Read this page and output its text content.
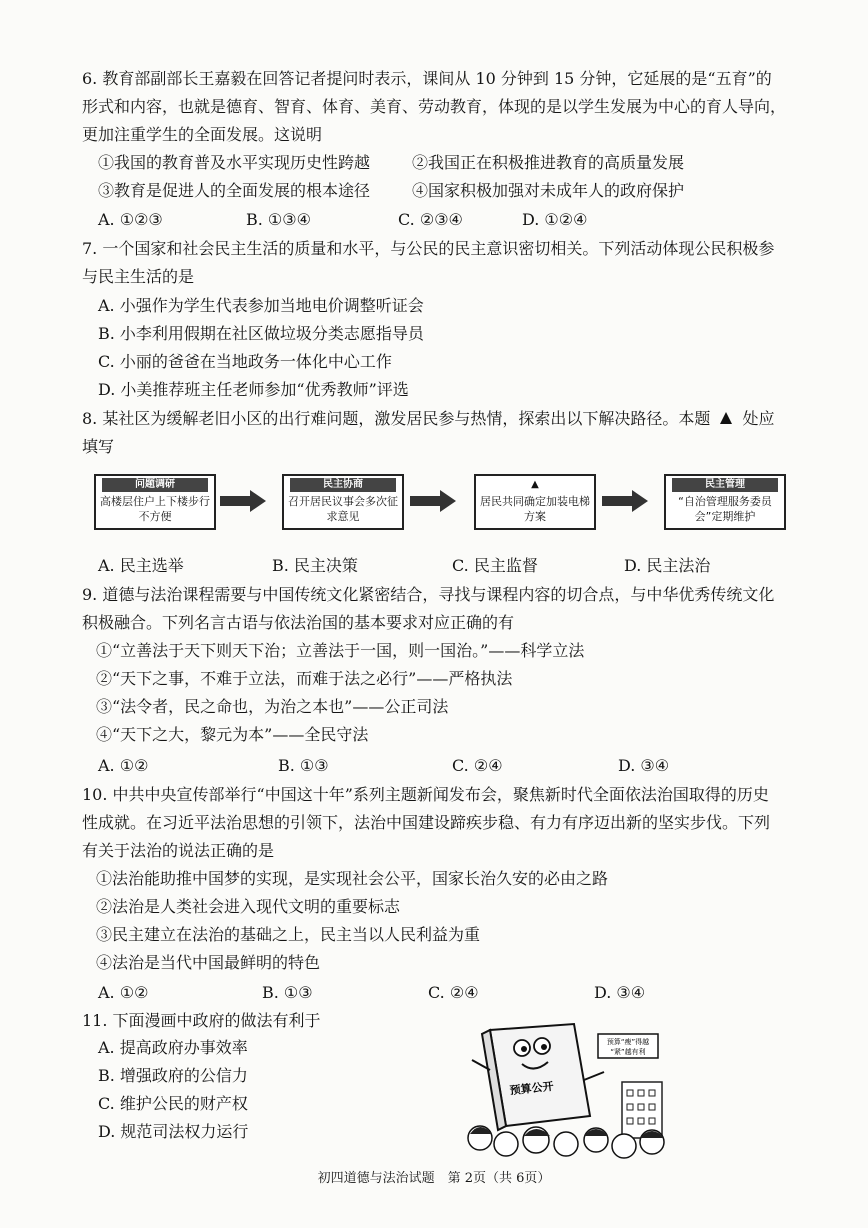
6. 教育部副部长王嘉毅在回答记者提问时表示，课间从 10 分钟到 15 分钟，它延展的是“五育”的
形式和内容，也就是德育、智育、体育、美育、劳动教育，体现的是以学生发展为中心的育人导向，
更加注重学生的全面发展。这说明
①我国的教育普及水平实现历史性跨越	②我国正在积极推进教育的高质量发展
③教育是促进人的全面发展的根本途径	④国家积极加强对未成年人的政府保护
A. ①②③	B. ①③④	C. ②③④	D. ①②④
7. 一个国家和社会民主生活的质量和水平，与公民的民主意识密切相关。下列活动体现公民积极参
与民主生活的是
A. 小强作为学生代表参加当地电价调整听证会
B. 小李利用假期在社区做垃圾分类志愿指导员
C. 小丽的爸爸在当地政务一体化中心工作
D. 小美推荐班主任老师参加“优秀教师”评选
8. 某社区为缓解老旧小区的出行难问题，激发居民参与热情，探索出以下解决路径。本题 处应
填写
问题调研
高楼层住户上下楼步行不方便
民主协商
召开居民议事会多次征求意见
▲
居民共同确定加装电梯方案
民主管理
“自治管理服务委员会”定期维护
A. 民主选举	B. 民主决策	C. 民主监督	D. 民主法治
9. 道德与法治课程需要与中国传统文化紧密结合，寻找与课程内容的切合点，与中华优秀传统文化
积极融合。下列名言古语与依法治国的基本要求对应正确的有
①“立善法于天下则天下治；立善法于一国，则一国治。”——科学立法
②“天下之事，不难于立法，而难于法之必行”——严格执法
③“法令者，民之命也，为治之本也”——公正司法
④“天下之大，黎元为本”——全民守法
A. ①②	B. ①③	C. ②④	D. ③④
10. 中共中央宣传部举行“中国这十年”系列主题新闻发布会，聚焦新时代全面依法治国取得的历史
性成就。在习近平法治思想的引领下，法治中国建设蹄疾步稳、有力有序迈出新的坚实步伐。下列
有关于法治的说法正确的是
①法治能助推中国梦的实现，是实现社会公平，国家长治久安的必由之路
②法治是人类社会进入现代文明的重要标志
③民主建立在法治的基础之上，民主当以人民利益为重
④法治是当代中国最鲜明的特色
A. ①②	B. ①③	C. ②④	D. ③④
11. 下面漫画中政府的做法有利于
A. 提高政府办事效率
B. 增强政府的公信力
C. 维护公民的财产权
D. 规范司法权力运行
预算公开
预算“瘦”得越
“紧”越有利
初四道德与法治试题　第 2页（共 6页）
